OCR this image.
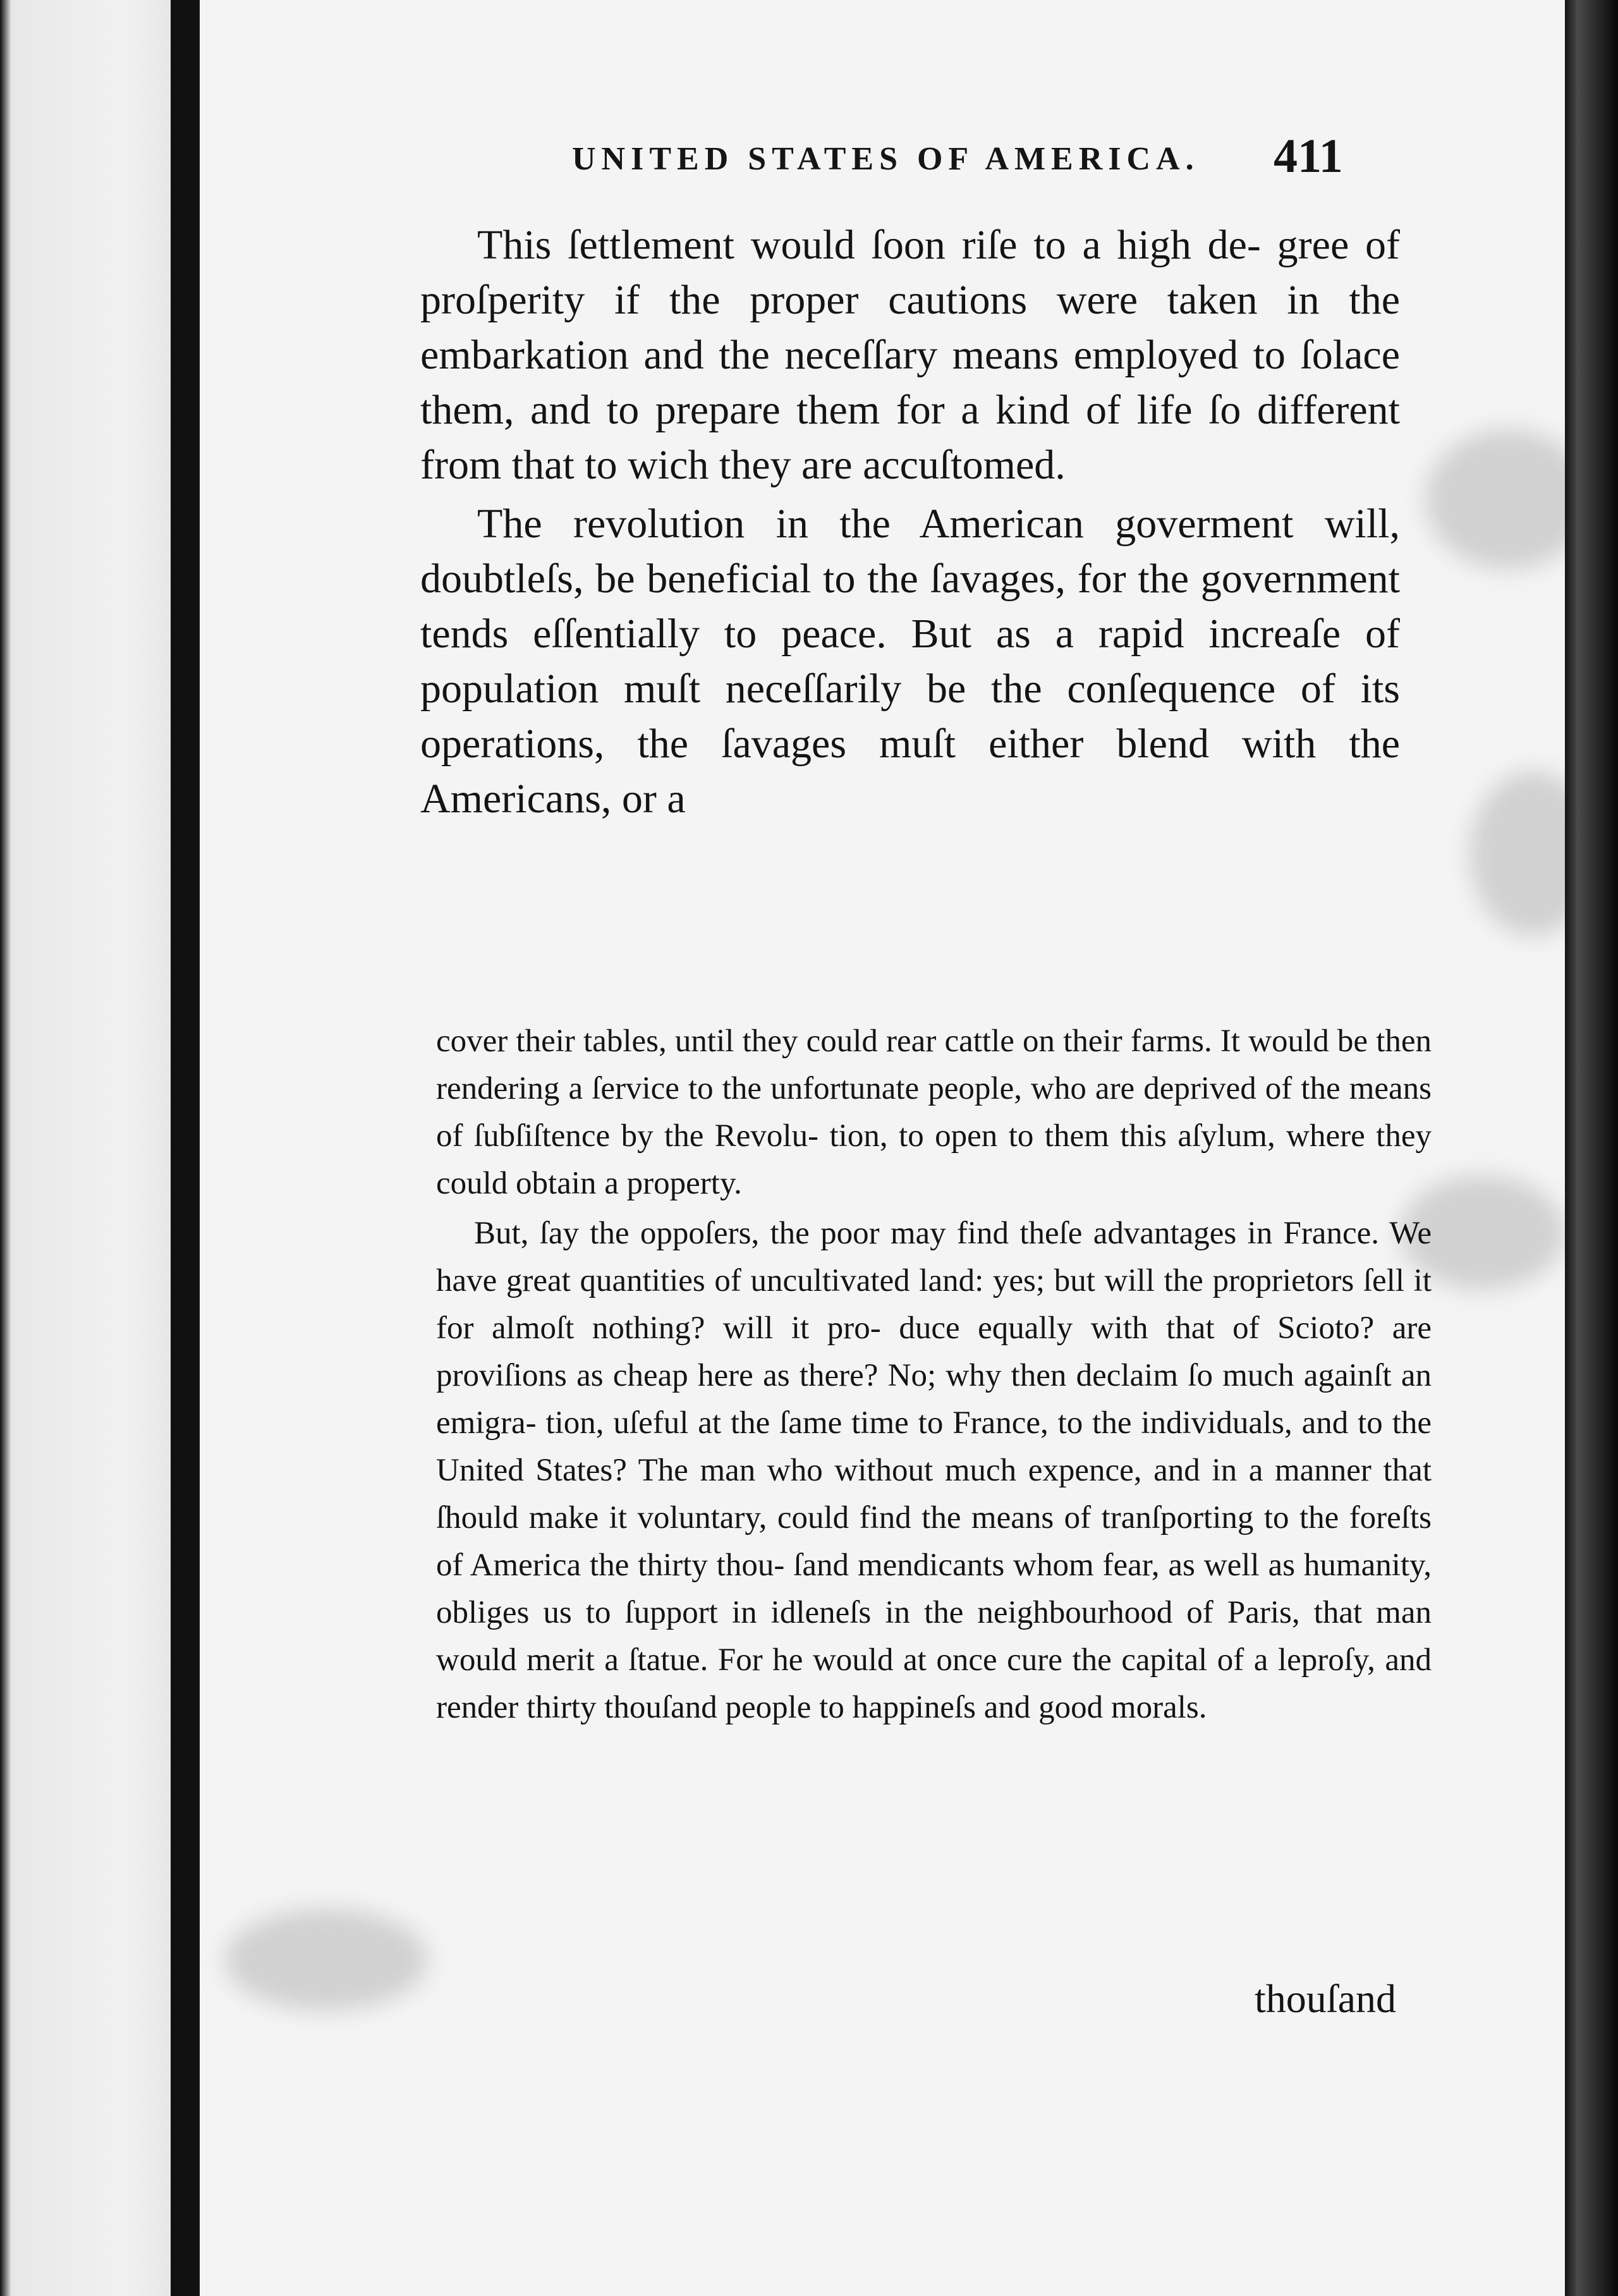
UNITED STATES OF AMERICA.	411

This ſettlement would ſoon riſe to a high de- gree of proſperity if the proper cautions were taken in the embarkation and the neceſſary means employed to ſolace them, and to prepare them for a kind of life ſo different from that to wich they are accuſtomed.

The revolution in the American goverment will, doubtleſs, be beneficial to the ſavages, for the government tends eſſentially to peace. But as a rapid increaſe of population muſt neceſſarily be the conſequence of its operations, the ſavages muſt either blend with the Americans, or a

cover their tables, until they could rear cattle on their farms. It would be then rendering a ſervice to the unfortunate people, who are deprived of the means of ſubſiſtence by the Revolu- tion, to open to them this aſylum, where they could obtain a property.

But, ſay the oppoſers, the poor may find theſe advantages in France. We have great quantities of uncultivated land: yes; but will the proprietors ſell it for almoſt nothing? will it pro- duce equally with that of Scioto? are proviſions as cheap here as there? No; why then declaim ſo much againſt an emigra- tion, uſeful at the ſame time to France, to the individuals, and to the United States? The man who without much expence, and in a manner that ſhould make it voluntary, could find the means of tranſporting to the foreſts of America the thirty thou- ſand mendicants whom fear, as well as humanity, obliges us to ſupport in idleneſs in the neighbourhood of Paris, that man would merit a ſtatue. For he would at once cure the capital of a leproſy, and render thirty thouſand people to happineſs and good morals.

thouſand
